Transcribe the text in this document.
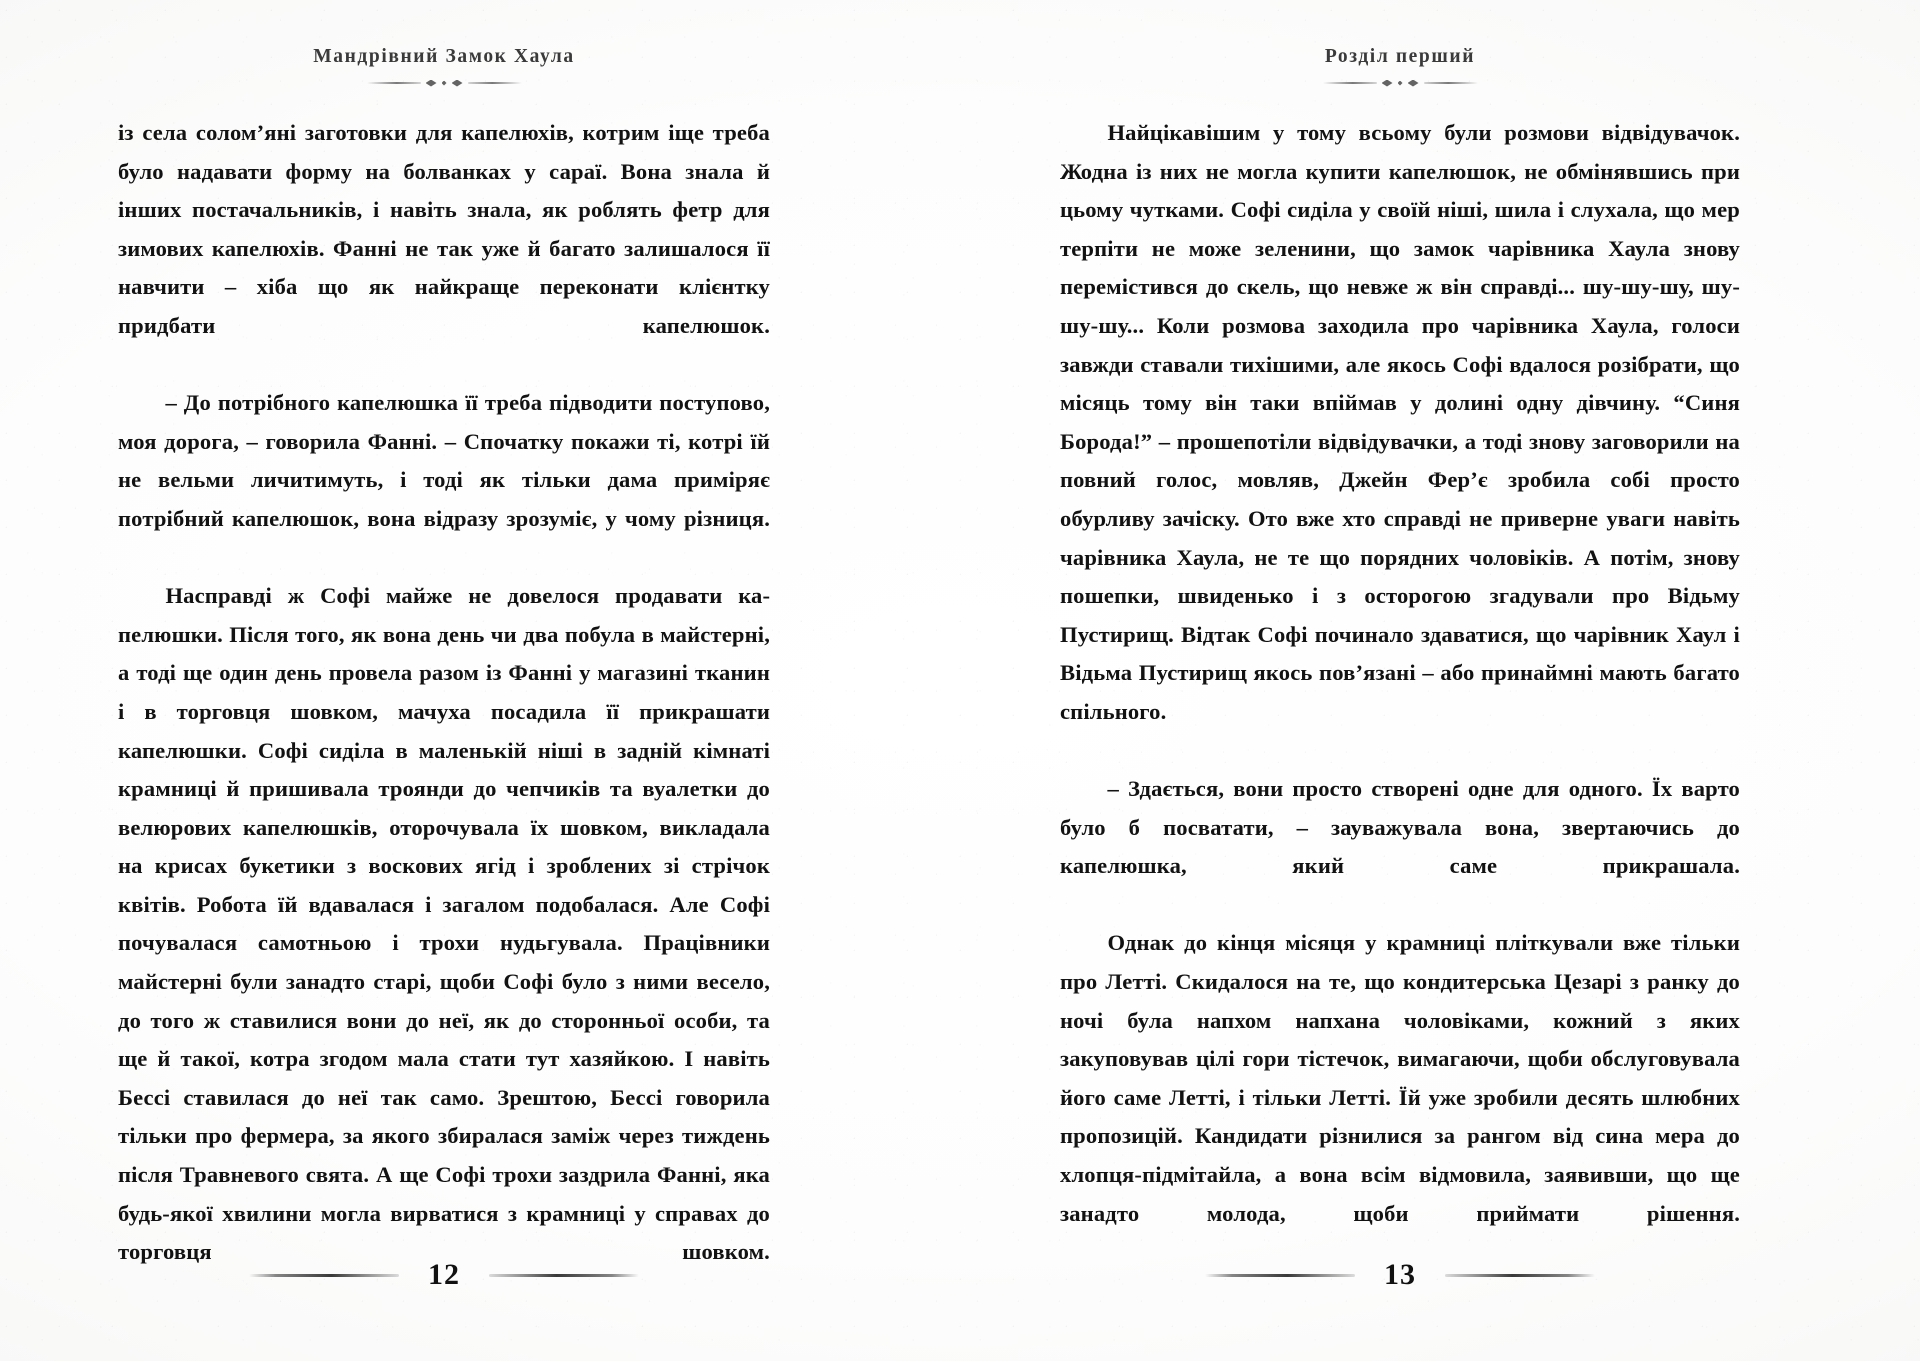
Мандрівний Замок Хаула

із села солом’яні заготовки для капелюхів, котрим іще треба було надавати форму на болванках у сараї. Вона знала й інших постачальників, і навіть знала, як роблять фетр для зимових капелюхів. Фанні не так уже й багато залишалося її навчити – хіба що як найкраще переконати клієнтку придбати капелюшок.

– До потрібного капелюшка її треба підводити поступово, моя дорога, – говорила Фанні. – Спочатку покажи ті, котрі їй не вельми личитимуть, і тоді як тільки дама приміряє потрібний капелюшок, вона відразу зрозуміє, у чому різниця.

Насправді ж Софі майже не довелося продавати капелюшки. Після того, як вона день чи два побула в майстерні, а тоді ще один день провела разом із Фанні у магазині тканин і в торговця шовком, мачуха посадила її прикрашати капелюшки. Софі сиділа в маленькій ніші в задній кімнаті крамниці й пришивала троянди до чепчиків та вуалетки до велюрових капелюшків, оторочувала їх шовком, викладала на крисах букетики з воскових ягід і зроблених зі стрічок квітів. Робота їй вдавалася і загалом подобалася. Але Софі почувалася самотньою і трохи нудьгувала. Працівники майстерні були занадто старі, щоби Софі було з ними весело, до того ж ставилися вони до неї, як до сторонньої особи, та ще й такої, котра згодом мала стати тут хазяйкою. І навіть Бессі ставилася до неї так само. Зрештою, Бессі говорила тільки про фермера, за якого збиралася заміж через тиждень після Травневого свята. А ще Софі трохи заздрила Фанні, яка будь-якої хвилини могла вирватися з крамниці у справах до торговця шовком.

12
Розділ перший

Найцікавішим у тому всьому були розмови відвідувачок. Жодна із них не могла купити капелюшок, не обмінявшись при цьому чутками. Софі сиділа у своїй ніші, шила і слухала, що мер терпіти не може зеленини, що замок чарівника Хаула знову перемістився до скель, що невже ж він справді... шу-шу-шу, шу-шу-шу... Коли розмова заходила про чарівника Хаула, голоси завжди ставали тихішими, але якось Софі вдалося розібрати, що місяць тому він таки впіймав у долині одну дівчину. “Синя Борода!” – прошепотіли відвідувачки, а тоді знову заговорили на повний голос, мовляв, Джейн Фер’є зробила собі просто обурливу зачіску. Ото вже хто справді не приверне уваги навіть чарівника Хаула, не те що порядних чоловіків. А потім, знову пошепки, швиденько і з осторогою згадували про Відьму Пустирищ. Відтак Софі починало здаватися, що чарівник Хаул і Відьма Пустирищ якось пов’язані – або принаймні мають багато спільного.

– Здається, вони просто створені одне для одного. Їх варто було б посватати, – зауважувала вона, звертаючись до капелюшка, який саме прикрашала.

Однак до кінця місяця у крамниці пліткували вже тільки про Летті. Скидалося на те, що кондитерська Цезарі з ранку до ночі була напхом напхана чоловіками, кожний з яких закуповував цілі гори тістечок, вимагаючи, щоби обслуговувала його саме Летті, і тільки Летті. Їй уже зробили десять шлюбних пропозицій. Кандидати різнилися за рангом від сина мера до хлопця-підмітайла, а вона всім відмовила, заявивши, що ще занадто молода, щоби приймати рішення.

13
